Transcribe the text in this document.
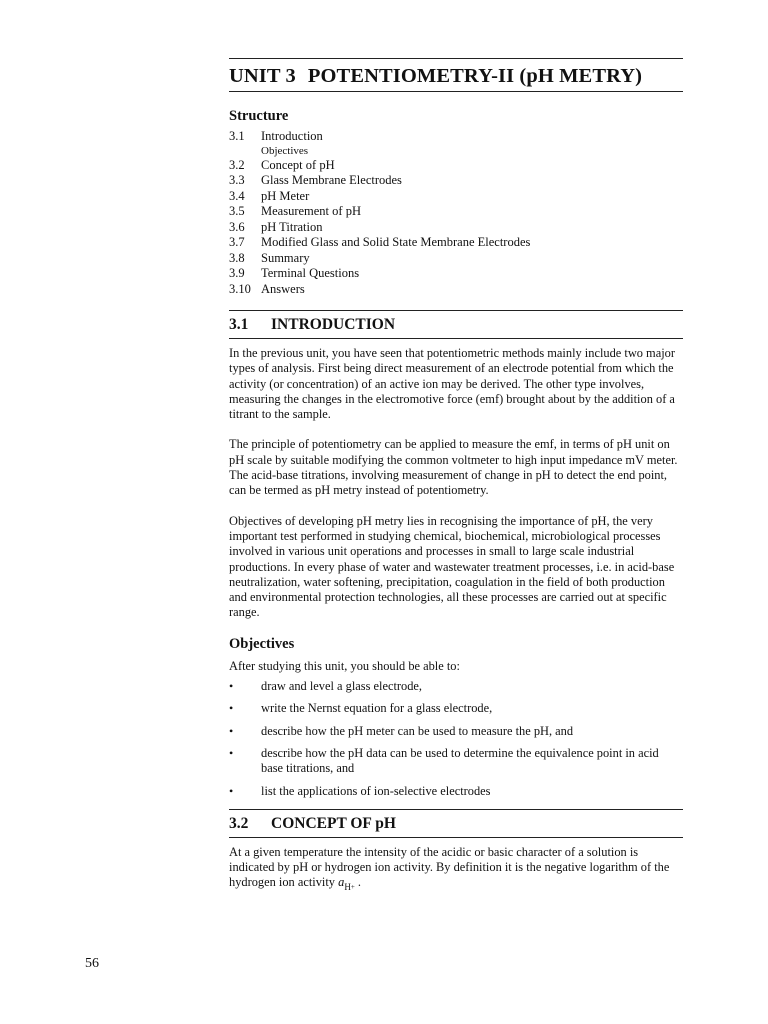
UNIT 3 POTENTIOMETRY-II (pH METRY)
Structure
3.1	Introduction
Objectives
3.2	Concept of pH
3.3	Glass Membrane Electrodes
3.4	pH Meter
3.5	Measurement of pH
3.6	pH Titration
3.7	Modified Glass and Solid State Membrane Electrodes
3.8	Summary
3.9	Terminal Questions
3.10 Answers
3.1	INTRODUCTION
In the previous unit, you have seen that potentiometric methods mainly include two major types of analysis. First being direct measurement of an electrode potential from which the activity (or concentration) of an active ion may be derived. The other type involves, measuring the changes in the electromotive force (emf) brought about by the addition of a titrant to the sample.
The principle of potentiometry can be applied to measure the emf, in terms of pH unit on pH scale by suitable modifying the common voltmeter to high input impedance mV meter. The acid-base titrations, involving measurement of change in pH to detect the end point, can be termed as pH metry instead of potentiometry.
Objectives of developing pH metry lies in recognising the importance of pH, the very important test performed in studying chemical, biochemical, microbiological processes involved in various unit operations and processes in small to large scale industrial productions. In every phase of water and wastewater treatment processes, i.e. in acid-base neutralization, water softening, precipitation, coagulation in the field of both production and environmental protection technologies, all these processes are carried out at specific range.
Objectives
After studying this unit, you should be able to:
•	draw and level a glass electrode,
•	write the Nernst equation for a glass electrode,
•	describe how the pH meter can be used to measure the pH, and
•	describe how the pH data can be used to determine the equivalence point in acid base titrations, and
•	list the applications of ion-selective electrodes
3.2	CONCEPT OF pH
At a given temperature the intensity of the acidic or basic character of a solution is indicated by pH or hydrogen ion activity. By definition it is the negative logarithm of the hydrogen ion activity $a_{H+}$ .
56
